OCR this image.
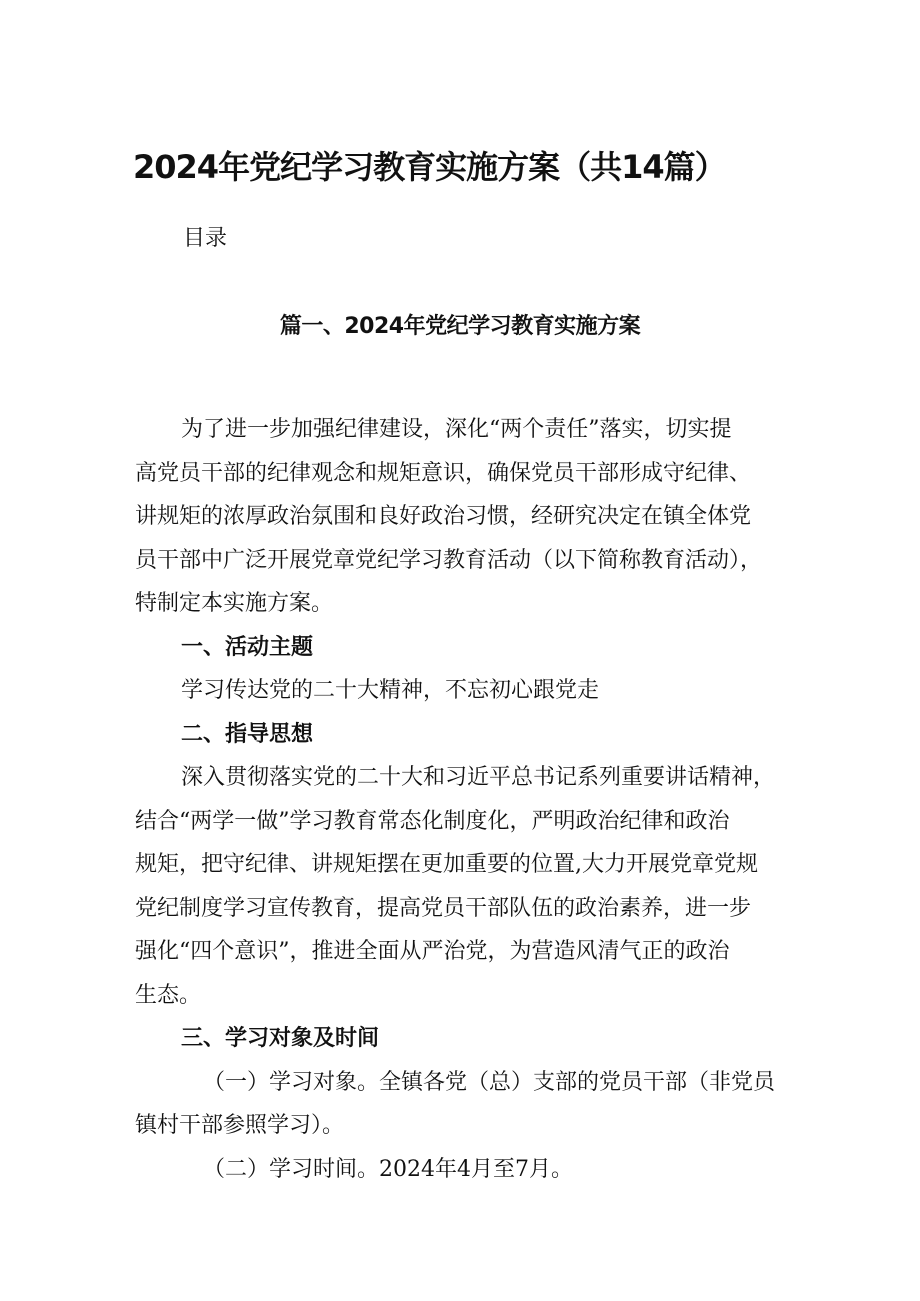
2024年党纪学习教育实施方案（共14篇）
目录
篇一、2024年党纪学习教育实施方案
为了进一步加强纪律建设，深化“两个责任”落实，切实提
高党员干部的纪律观念和规矩意识，确保党员干部形成守纪律、
讲规矩的浓厚政治氛围和良好政治习惯，经研究决定在镇全体党
员干部中广泛开展党章党纪学习教育活动（以下简称教育活动），
特制定本实施方案。
一、活动主题
学习传达党的二十大精神，不忘初心跟党走
二、指导思想
深入贯彻落实党的二十大和习近平总书记系列重要讲话精神，
结合“两学一做”学习教育常态化制度化，严明政治纪律和政治
规矩，把守纪律、讲规矩摆在更加重要的位置,大力开展党章党规
党纪制度学习宣传教育，提高党员干部队伍的政治素养，进一步
强化“四个意识”，推进全面从严治党，为营造风清气正的政治
生态。
三、学习对象及时间
（一）学习对象。全镇各党（总）支部的党员干部（非党员
镇村干部参照学习）。
（二）学习时间。2024年4月至7月。
